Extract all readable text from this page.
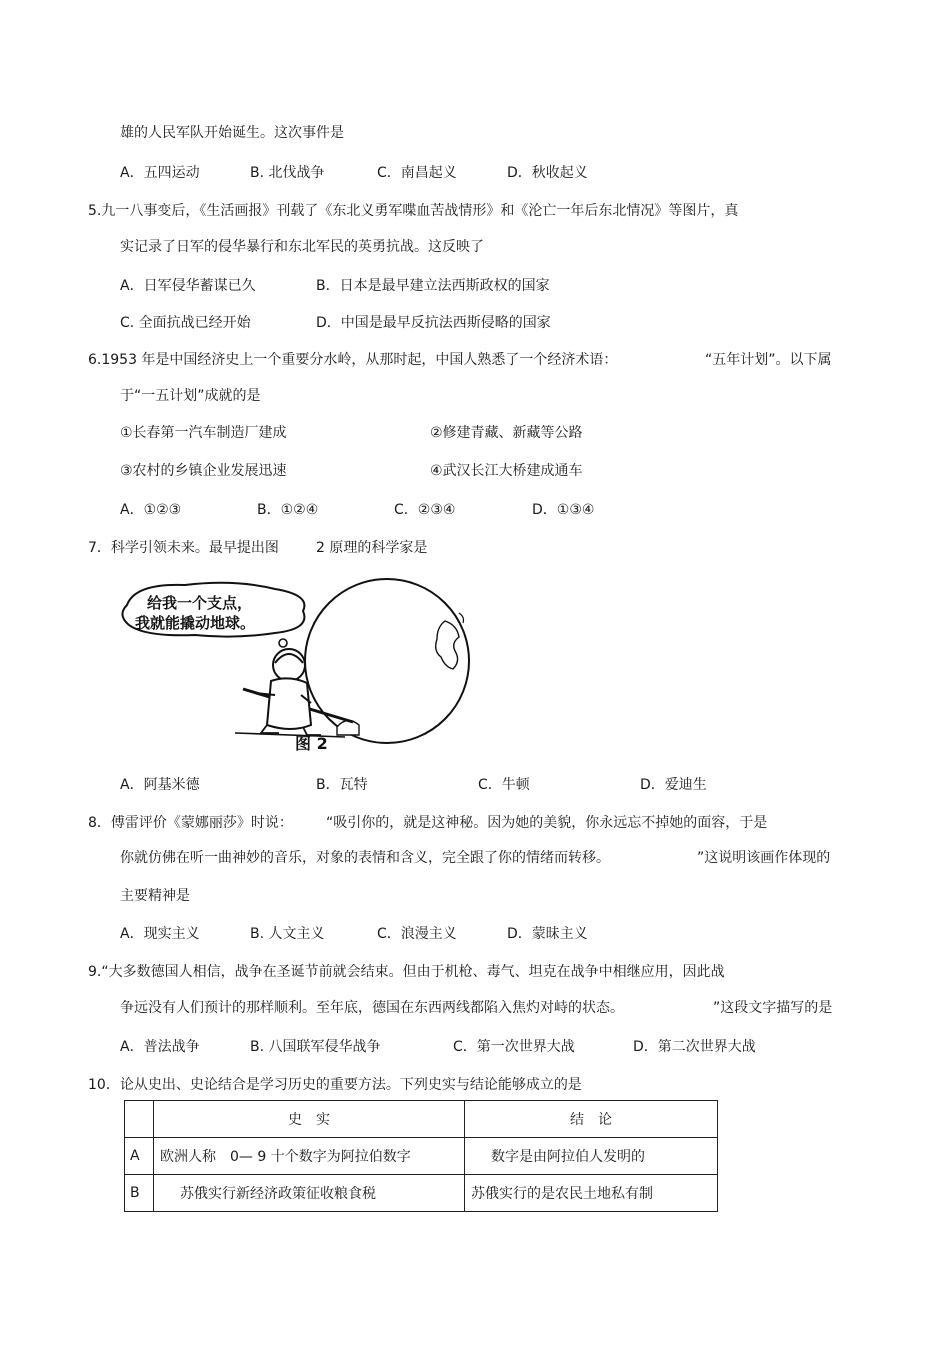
雄的人民军队开始诞生。这次事件是
A．五四运动	B. 北伐战争	C．南昌起义	D．秋收起义
5.九一八事变后，《生活画报》刊载了《东北义勇军喋血苦战情形》和《沦亡一年后东北情况》等图片，真
实记录了日军的侵华暴行和东北军民的英勇抗战。这反映了
A．日军侵华蓄谋已久	B．日本是最早建立法西斯政权的国家
C. 全面抗战已经开始	D．中国是最早反抗法西斯侵略的国家
6.1953 年是中国经济史上一个重要分水岭，从那时起，中国人熟悉了一个经济术语：	“五年计划”。以下属
于“一五计划”成就的是
①长春第一汽车制造厂建成	②修建青藏、新藏等公路
③农村的乡镇企业发展迅速	④武汉长江大桥建成通车
A．①②③	B．①②④	C．②③④	D．①③④
7．科学引领未来。最早提出图	2 原理的科学家是
给我一个支点，
我就能撬动地球。
图 2
A．阿基米德	B．瓦特	C．牛顿	D．爱迪生
8．傅雷评价《蒙娜丽莎》时说： “吸引你的，就是这神秘。因为她的美貌，你永远忘不掉她的面容，于是
你就仿佛在听一曲神妙的音乐，对象的表情和含义，完全跟了你的情绪而转移。	”这说明该画作体现的
主要精神是
A．现实主义	B. 人文主义	C．浪漫主义	D．蒙昧主义
9.“大多数德国人相信，战争在圣诞节前就会结束。但由于机枪、毒气、坦克在战争中相继应用，因此战
争远没有人们预计的那样顺利。至年底，德国在东西两线都陷入焦灼对峙的状态。	”这段文字描写的是
A．普法战争	B. 八国联军侵华战争	C．第一次世界大战	D．第二次世界大战
10．论从史出、史论结合是学习历史的重要方法。下列史实与结论能够成立的是
	史　实	结　论
A	欧洲人称　0— 9 十个数字为阿拉伯数字	数字是由阿拉伯人发明的
B	苏俄实行新经济政策征收粮食税	苏俄实行的是农民土地私有制
